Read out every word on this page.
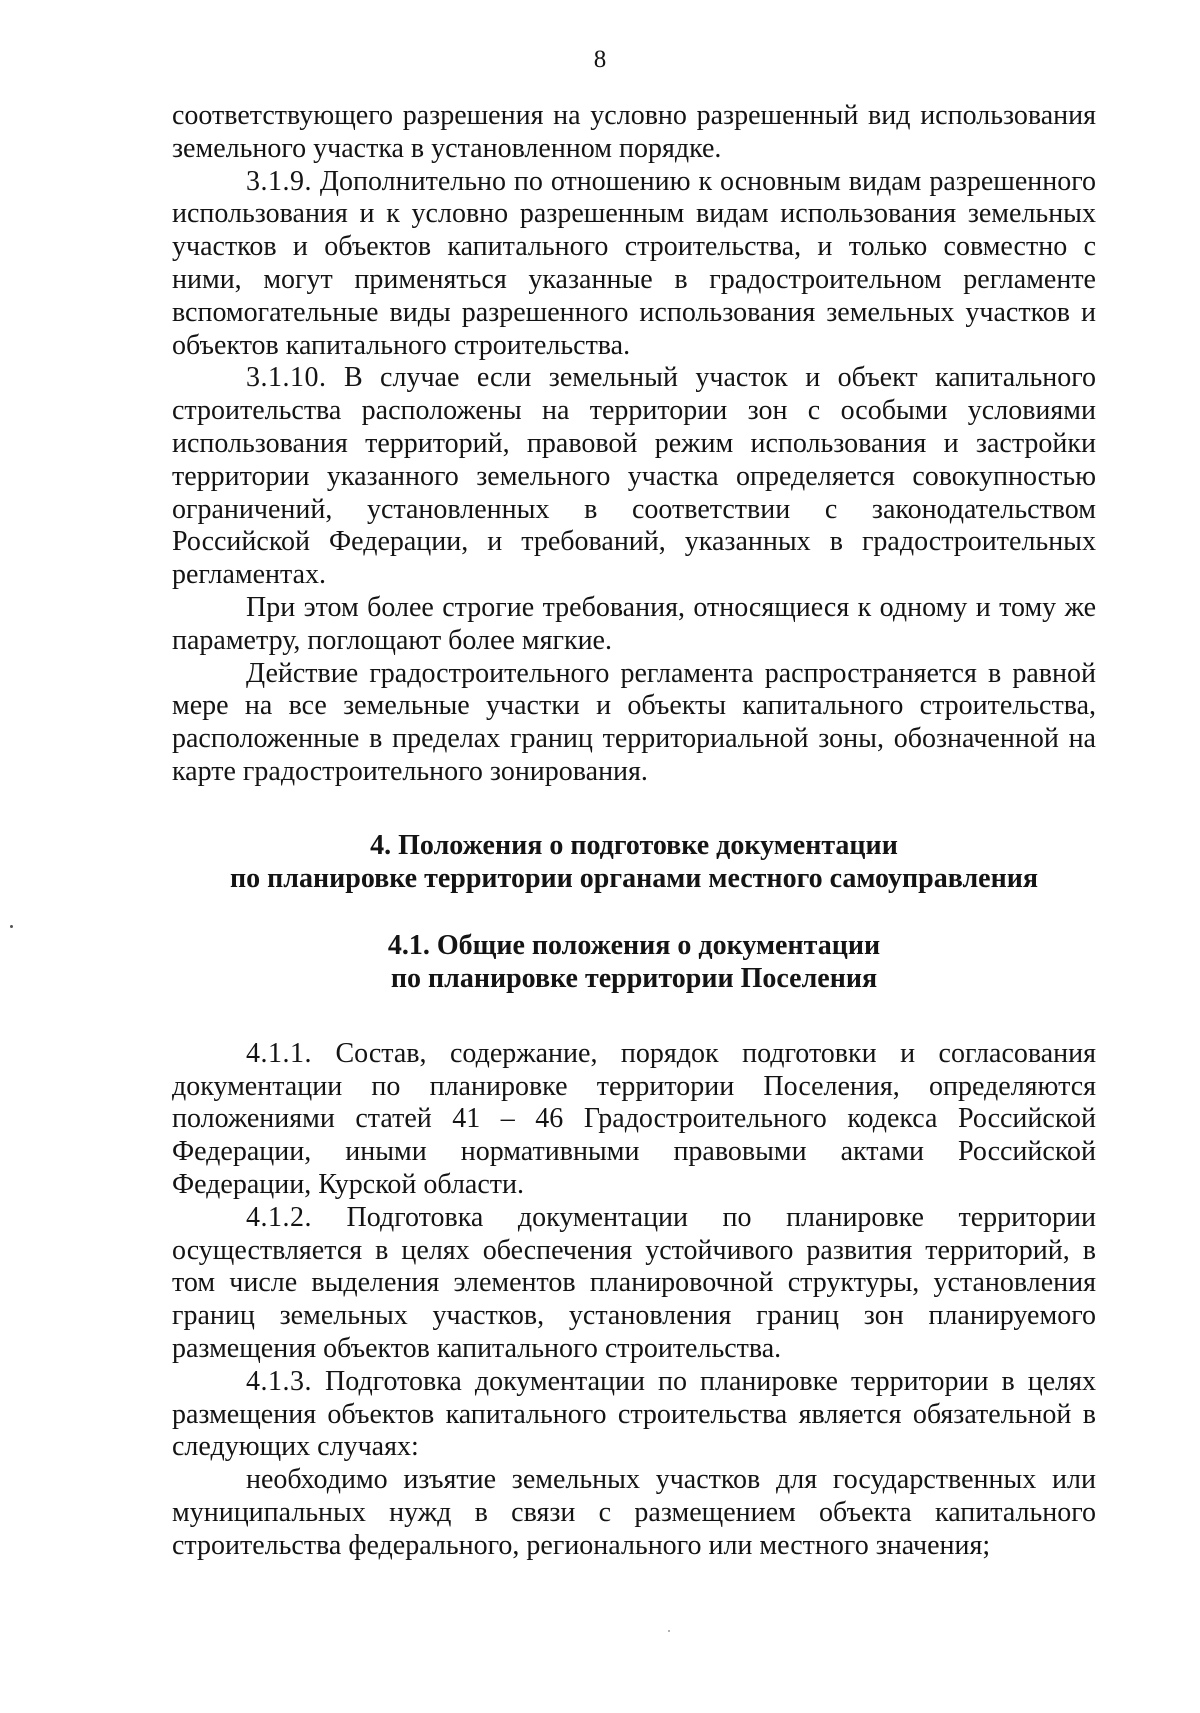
8

соответствующего разрешения на условно разрешенный вид использования земельного участка в установленном порядке.

3.1.9. Дополнительно по отношению к основным видам разрешенного использования и к условно разрешенным видам использования земельных участков и объектов капитального строительства, и только совместно с ними, могут применяться указанные в градостроительном регламенте вспомогательные виды разрешенного использования земельных участков и объектов капитального строительства.

3.1.10. В случае если земельный участок и объект капитального строительства расположены на территории зон с особыми условиями использования территорий, правовой режим использования и застройки территории указанного земельного участка определяется совокупностью ограничений, установленных в соответствии с законодательством Российской Федерации, и требований, указанных в градостроительных регламентах.

При этом более строгие требования, относящиеся к одному и тому же параметру, поглощают более мягкие.

Действие градостроительного регламента распространяется в равной мере на все земельные участки и объекты капитального строительства, расположенные в пределах границ территориальной зоны, обозначенной на карте градостроительного зонирования.

4. Положения о подготовке документации
по планировке территории органами местного самоуправления
4.1. Общие положения о документации
по планировке территории Поселения

4.1.1. Состав, содержание, порядок подготовки и согласования документации по планировке территории Поселения, определяются положениями статей 41 – 46 Градостроительного кодекса Российской Федерации, иными нормативными правовыми актами Российской Федерации, Курской области.

4.1.2. Подготовка документации по планировке территории осуществляется в целях обеспечения устойчивого развития территорий, в том числе выделения элементов планировочной структуры, установления границ земельных участков, установления границ зон планируемого размещения объектов капитального строительства.

4.1.3. Подготовка документации по планировке территории в целях размещения объектов капитального строительства является обязательной в следующих случаях:

необходимо изъятие земельных участков для государственных или муниципальных нужд в связи с размещением объекта капитального строительства федерального, регионального или местного значения;
